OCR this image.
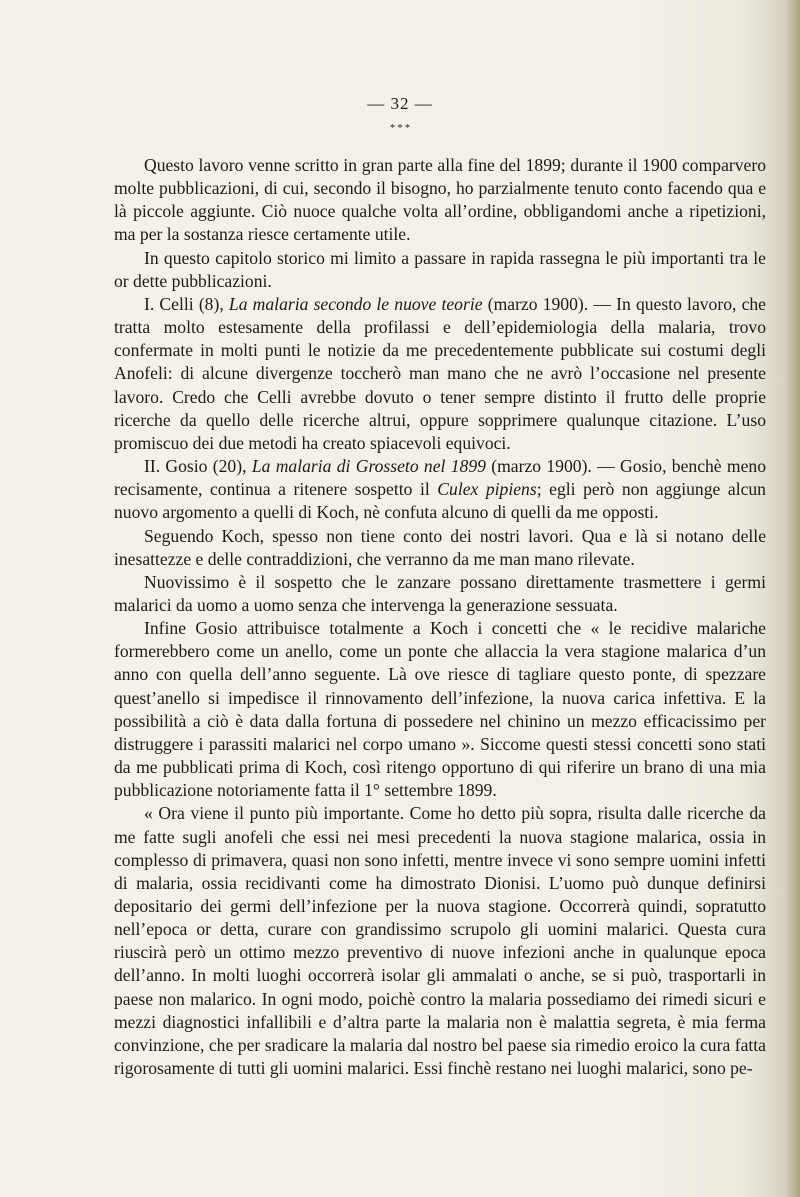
— 32 —
* * *

Questo lavoro venne scritto in gran parte alla fine del 1899; durante il 1900 comparvero molte pubblicazioni, di cui, secondo il bisogno, ho parzialmente tenuto conto facendo qua e là piccole aggiunte. Ciò nuoce qualche volta all’ordine, obbligandomi anche a ripetizioni, ma per la sostanza riesce certamente utile.

In questo capitolo storico mi limito a passare in rapida rassegna le più importanti tra le or dette pubblicazioni.

I. Celli (8), La malaria secondo le nuove teorie (marzo 1900). — In questo lavoro, che tratta molto estesamente della profilassi e dell’epidemiologia della malaria, trovo confermate in molti punti le notizie da me precedentemente pubblicate sui costumi degli Anofeli: di alcune divergenze toccherò man mano che ne avrò l’occasione nel presente lavoro. Credo che Celli avrebbe dovuto o tener sempre distinto il frutto delle proprie ricerche da quello delle ricerche altrui, oppure sopprimere qualunque citazione. L’uso promiscuo dei due metodi ha creato spiacevoli equivoci.

II. Gosio (20), La malaria di Grosseto nel 1899 (marzo 1900). — Gosio, benchè meno recisamente, continua a ritenere sospetto il Culex pipiens; egli però non aggiunge alcun nuovo argomento a quelli di Koch, nè confuta alcuno di quelli da me opposti.

Seguendo Koch, spesso non tiene conto dei nostri lavori. Qua e là si notano delle inesattezze e delle contraddizioni, che verranno da me man mano rilevate.

Nuovissimo è il sospetto che le zanzare possano direttamente trasmettere i germi malarici da uomo a uomo senza che intervenga la generazione sessuata.

Infine Gosio attribuisce totalmente a Koch i concetti che « le recidive malariche formerebbero come un anello, come un ponte che allaccia la vera stagione malarica d’un anno con quella dell’anno seguente. Là ove riesce di tagliare questo ponte, di spezzare quest’anello si impedisce il rinnovamento dell’infezione, la nuova carica infettiva. E la possibilità a ciò è data dalla fortuna di possedere nel chinino un mezzo efficacissimo per distruggere i parassiti malarici nel corpo umano ». Siccome questi stessi concetti sono stati da me pubblicati prima di Koch, così ritengo opportuno di qui riferire un brano di una mia pubblicazione notoriamente fatta il 1° settembre 1899.

« Ora viene il punto più importante. Come ho detto più sopra, risulta dalle ricerche da me fatte sugli anofeli che essi nei mesi precedenti la nuova stagione malarica, ossia in complesso di primavera, quasi non sono infetti, mentre invece vi sono sempre uomini infetti di malaria, ossia recidivanti come ha dimostrato Dionisi. L’uomo può dunque definirsi depositario dei germi dell’infezione per la nuova stagione. Occorrerà quindi, sopratutto nell’epoca or detta, curare con grandissimo scrupolo gli uomini malarici. Questa cura riuscirà però un ottimo mezzo preventivo di nuove infezioni anche in qualunque epoca dell’anno. In molti luoghi occorrerà isolar gli ammalati o anche, se si può, trasportarli in paese non malarico. In ogni modo, poichè contro la malaria possediamo dei rimedi sicuri e mezzi diagnostici infallibili e d’altra parte la malaria non è malattia segreta, è mia ferma convinzione, che per sradicare la malaria dal nostro bel paese sia rimedio eroico la cura fatta rigorosamente di tutti gli uomini malarici. Essi finchè restano nei luoghi malarici, sono pe-
